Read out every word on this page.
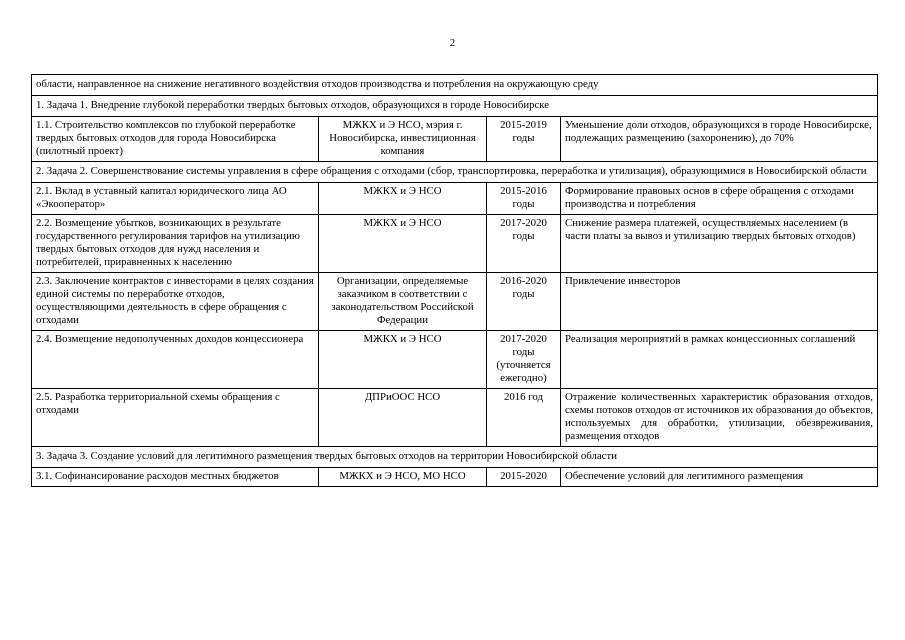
2
области, направленное на снижение негативного воздействия отходов производства и потребления на окружающую среду			
1. Задача 1. Внедрение глубокой переработки твердых бытовых отходов, образующихся в городе Новосибирске			
1.1. Строительство комплексов по глубокой переработке твердых бытовых отходов для города Новосибирска (пилотный проект)	МЖКХ и Э НСО, мэрия г. Новосибирска, инвестиционная компания	2015-2019 годы	Уменьшение доли отходов, образующихся в городе Новосибирске, подлежащих размещению (захоронению), до 70%
2. Задача 2. Совершенствование системы управления в сфере обращения с отходами (сбор, транспортировка, переработка и утилизация), образующимися в Новосибирской области			
2.1. Вклад в уставный капитал юридического лица АО «Экооператор»	МЖКХ и Э НСО	2015-2016 годы	Формирование правовых основ в сфере обращения с отходами производства и потребления
2.2. Возмещение убытков, возникающих в результате государственного регулирования тарифов на утилизацию твердых бытовых отходов для нужд населения и потребителей, приравненных к населению	МЖКХ и Э НСО	2017-2020 годы	Снижение размера платежей, осуществляемых населением (в части платы за вывоз и утилизацию твердых бытовых отходов)
2.3. Заключение контрактов с инвесторами в целях создания единой системы по переработке отходов, осуществляющими деятельность в сфере обращения с отходами	Организации, определяемые заказчиком в соответствии с законодательством Российской Федерации	2016-2020 годы	Привлечение инвесторов
2.4. Возмещение недополученных доходов концессионера	МЖКХ и Э НСО	2017-2020 годы (уточняется ежегодно)	Реализация мероприятий в рамках концессионных соглашений
2.5. Разработка территориальной схемы обращения с отходами	ДПРиООС НСО	2016 год	Отражение количественных характеристик образования отходов, схемы потоков отходов от источников их образования до объектов, используемых для обработки, утилизации, обезвреживания, размещения отходов
3. Задача 3. Создание условий для легитимного размещения твердых бытовых отходов на территории Новосибирской области			
3.1. Софинансирование расходов местных бюджетов	МЖКХ и Э НСО, МО НСО	2015-2020	Обеспечение условий для легитимного размещения
